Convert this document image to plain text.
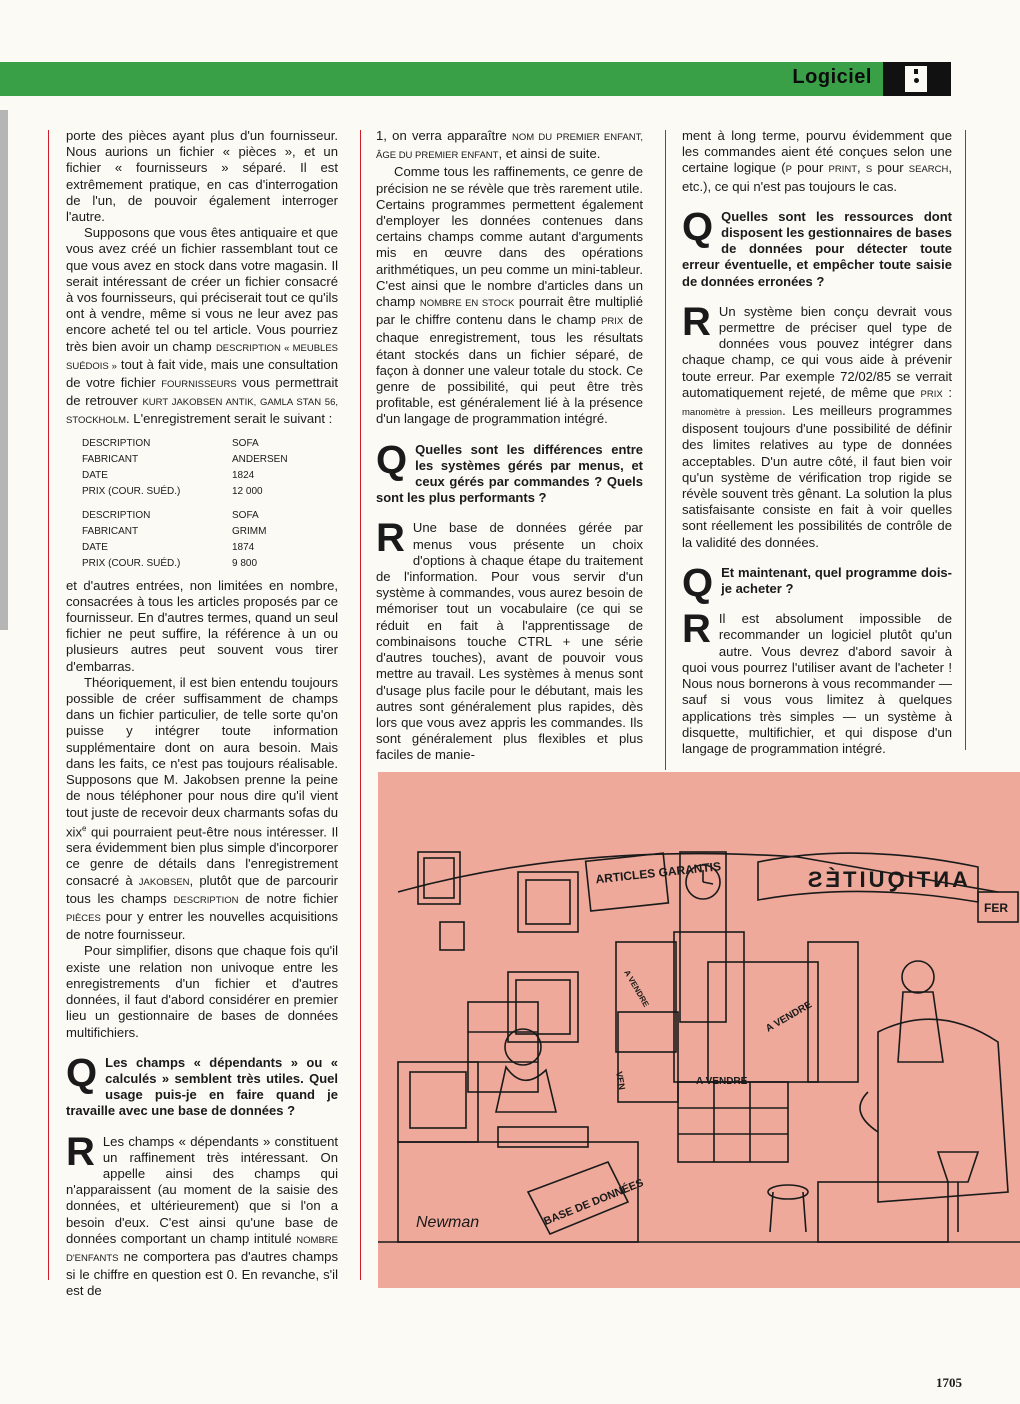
Logiciel

porte des pièces ayant plus d'un fournisseur. Nous aurions un fichier « pièces », et un fichier « fournisseurs » séparé. Il est extrêmement pratique, en cas d'interrogation de l'un, de pouvoir également interroger l'autre.

Supposons que vous êtes antiquaire et que vous avez créé un fichier rassemblant tout ce que vous avez en stock dans votre magasin. Il serait intéressant de créer un fichier consacré à vos fournisseurs, qui préciserait tout ce qu'ils ont à vendre, même si vous ne leur avez pas encore acheté tel ou tel article. Vous pourriez très bien avoir un champ DESCRIPTION « MEUBLES SUÉDOIS » tout à fait vide, mais une consultation de votre fichier FOURNISSEURS vous permettrait de retrouver KURT JAKOBSEN ANTIK, GAMLA STAN 56, STOCKHOLM. L'enregistrement serait le suivant :

DESCRIPTION	SOFA
FABRICANT	ANDERSEN
DATE	1824
PRIX (COUR. SUÉD.)	12 000

DESCRIPTION	SOFA
FABRICANT	GRIMM
DATE	1874
PRIX (COUR. SUÉD.)	9 800

et d'autres entrées, non limitées en nombre, consacrées à tous les articles proposés par ce fournisseur. En d'autres termes, quand un seul fichier ne peut suffire, la référence à un ou plusieurs autres peut souvent vous tirer d'embarras.

Théoriquement, il est bien entendu toujours possible de créer suffisamment de champs dans un fichier particulier, de telle sorte qu'on puisse y intégrer toute information supplémentaire dont on aura besoin. Mais dans les faits, ce n'est pas toujours réalisable. Supposons que M. Jakobsen prenne la peine de nous téléphoner pour nous dire qu'il vient tout juste de recevoir deux charmants sofas du xix$^e$ qui pourraient peut-être nous intéresser. Il sera évidemment bien plus simple d'incorporer ce genre de détails dans l'enregistrement consacré à JAKOBSEN, plutôt que de parcourir tous les champs DESCRIPTION de notre fichier PIÈCES pour y entrer les nouvelles acquisitions de notre fournisseur.

Pour simplifier, disons que chaque fois qu'il existe une relation non univoque entre les enregistrements d'un fichier et d'autres données, il faut d'abord considérer en premier lieu un gestionnaire de bases de données multifichiers.

Q Les champs « dépendants » ou « calculés » semblent très utiles. Quel usage puis-je en faire quand je travaille avec une base de données ?
R Les champs « dépendants » constituent un raffinement très intéressant. On appelle ainsi des champs qui n'apparaissent (au moment de la saisie des données, et ultérieurement) que si l'on a besoin d'eux. C'est ainsi qu'une base de données comportant un champ intitulé NOMBRE D'ENFANTS ne comportera pas d'autres champs si le chiffre en question est 0. En revanche, s'il est de

1, on verra apparaître NOM DU PREMIER ENFANT, ÂGE DU PREMIER ENFANT, et ainsi de suite.

Comme tous les raffinements, ce genre de précision ne se révèle que très rarement utile. Certains programmes permettent également d'employer les données contenues dans certains champs comme autant d'arguments mis en œuvre dans des opérations arithmétiques, un peu comme un mini-tableur. C'est ainsi que le nombre d'articles dans un champ NOMBRE EN STOCK pourrait être multiplié par le chiffre contenu dans le champ PRIX de chaque enregistrement, tous les résultats étant stockés dans un fichier séparé, de façon à donner une valeur totale du stock. Ce genre de possibilité, qui peut être très profitable, est généralement lié à la présence d'un langage de programmation intégré.

Q Quelles sont les différences entre les systèmes gérés par menus, et ceux gérés par commandes ? Quels sont les plus performants ?
R Une base de données gérée par menus vous présente un choix d'options à chaque étape du traitement de l'information. Pour vous servir d'un système à commandes, vous aurez besoin de mémoriser tout un vocabulaire (ce qui se réduit en fait à l'apprentissage de combinaisons touche CTRL + une série d'autres touches), avant de pouvoir vous mettre au travail. Les systèmes à menus sont d'usage plus facile pour le débutant, mais les autres sont généralement plus rapides, dès lors que vous avez appris les commandes. Ils sont généralement plus flexibles et plus faciles de manie-

ment à long terme, pourvu évidemment que les commandes aient été conçues selon une certaine logique (P pour PRINT, S pour SEARCH, etc.), ce qui n'est pas toujours le cas.

Q Quelles sont les ressources dont disposent les gestionnaires de bases de données pour détecter toute erreur éventuelle, et empêcher toute saisie de données erronées ?
R Un système bien conçu devrait vous permettre de préciser quel type de données vous pouvez intégrer dans chaque champ, ce qui vous aide à prévenir toute erreur. Par exemple 72/02/85 se verrait automatiquement rejeté, de même que PRIX : manomètre à pression. Les meilleurs programmes disposent toujours d'une possibilité de définir des limites relatives au type de données acceptables. D'un autre côté, il faut bien voir qu'un système de vérification trop rigide se révèle souvent très gênant. La solution la plus satisfaisante consiste en fait à voir quelles sont réellement les possibilités de contrôle de la validité des données.
Q Et maintenant, quel programme dois-je acheter ?
R Il est absolument impossible de recommander un logiciel plutôt qu'un autre. Vous devrez d'abord savoir à quoi vous pourrez l'utiliser avant de l'acheter ! Nous nous bornerons à vous recommander — sauf si vous vous limitez à quelques applications très simples — un système à disquette, multifichier, et qui dispose d'un langage de programmation intégré.
ARTICLES GARANTIS	ANTIQUITÉS
FER
A VENDRE
A VENDRE
A VENDRE
VEN
BASE DE DONNÉES
Newman
1705
